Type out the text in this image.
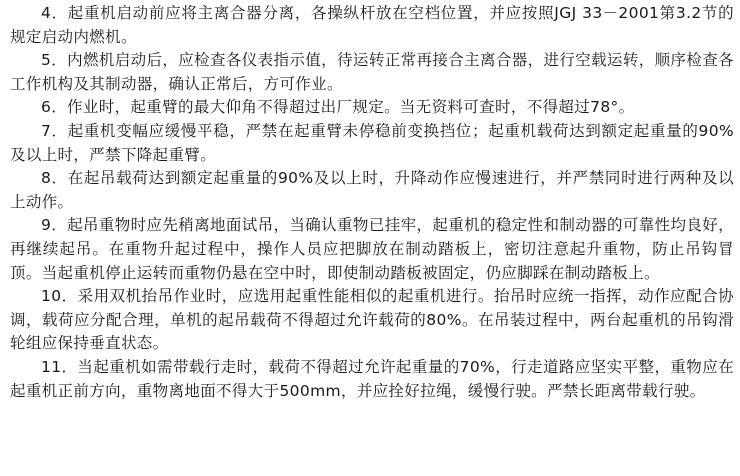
4．起重机启动前应将主离合器分离，各操纵杆放在空档位置，并应按照JGJ 33－2001第3.2节的规定启动内燃机。

5．内燃机启动后，应检查各仪表指示值，待运转正常再接合主离合器，进行空载运转，顺序检查各工作机构及其制动器，确认正常后，方可作业。

6．作业时，起重臂的最大仰角不得超过出厂规定。当无资料可查时，不得超过78°。

7．起重机变幅应缓慢平稳，严禁在起重臂未停稳前变换挡位；起重机载荷达到额定起重量的90%及以上时，严禁下降起重臂。

8．在起吊载荷达到额定起重量的90%及以上时，升降动作应慢速进行，并严禁同时进行两种及以上动作。

9．起吊重物时应先稍离地面试吊，当确认重物已挂牢，起重机的稳定性和制动器的可靠性均良好，再继续起吊。在重物升起过程中，操作人员应把脚放在制动踏板上，密切注意起升重物，防止吊钩冒顶。当起重机停止运转而重物仍悬在空中时，即使制动踏板被固定，仍应脚踩在制动踏板上。

10．采用双机抬吊作业时，应选用起重性能相似的起重机进行。抬吊时应统一指挥，动作应配合协调，载荷应分配合理，单机的起吊载荷不得超过允许载荷的80%。在吊装过程中，两台起重机的吊钩滑轮组应保持垂直状态。

11．当起重机如需带载行走时，载荷不得超过允许起重量的70%，行走道路应坚实平整，重物应在起重机正前方向，重物离地面不得大于500mm，并应拴好拉绳，缓慢行驶。严禁长距离带载行驶。
